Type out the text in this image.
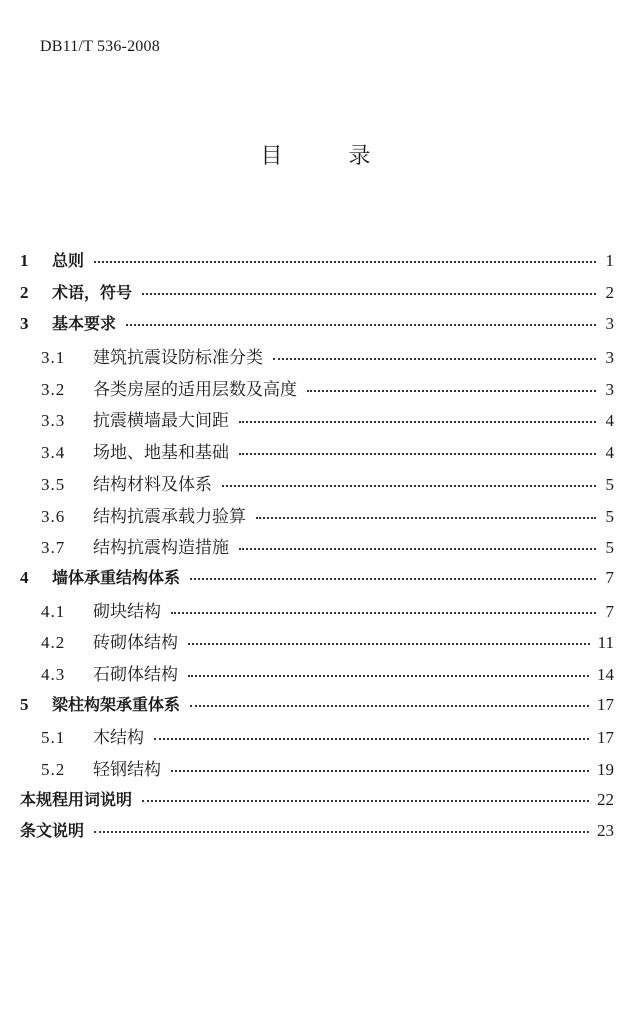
DB11/T 536-2008
目录
1	总则	1
2	术语，符号	2
3	基本要求	3
3.1	建筑抗震设防标准分类	3
3.2	各类房屋的适用层数及高度	3
3.3	抗震横墙最大间距	4
3.4	场地、地基和基础	4
3.5	结构材料及体系	5
3.6	结构抗震承载力验算	5
3.7	结构抗震构造措施	5
4	墙体承重结构体系	7
4.1	砌块结构	7
4.2	砖砌体结构	11
4.3	石砌体结构	14
5	梁柱构架承重体系	17
5.1	木结构	17
5.2	轻钢结构	19
本规程用词说明	22
条文说明	23
